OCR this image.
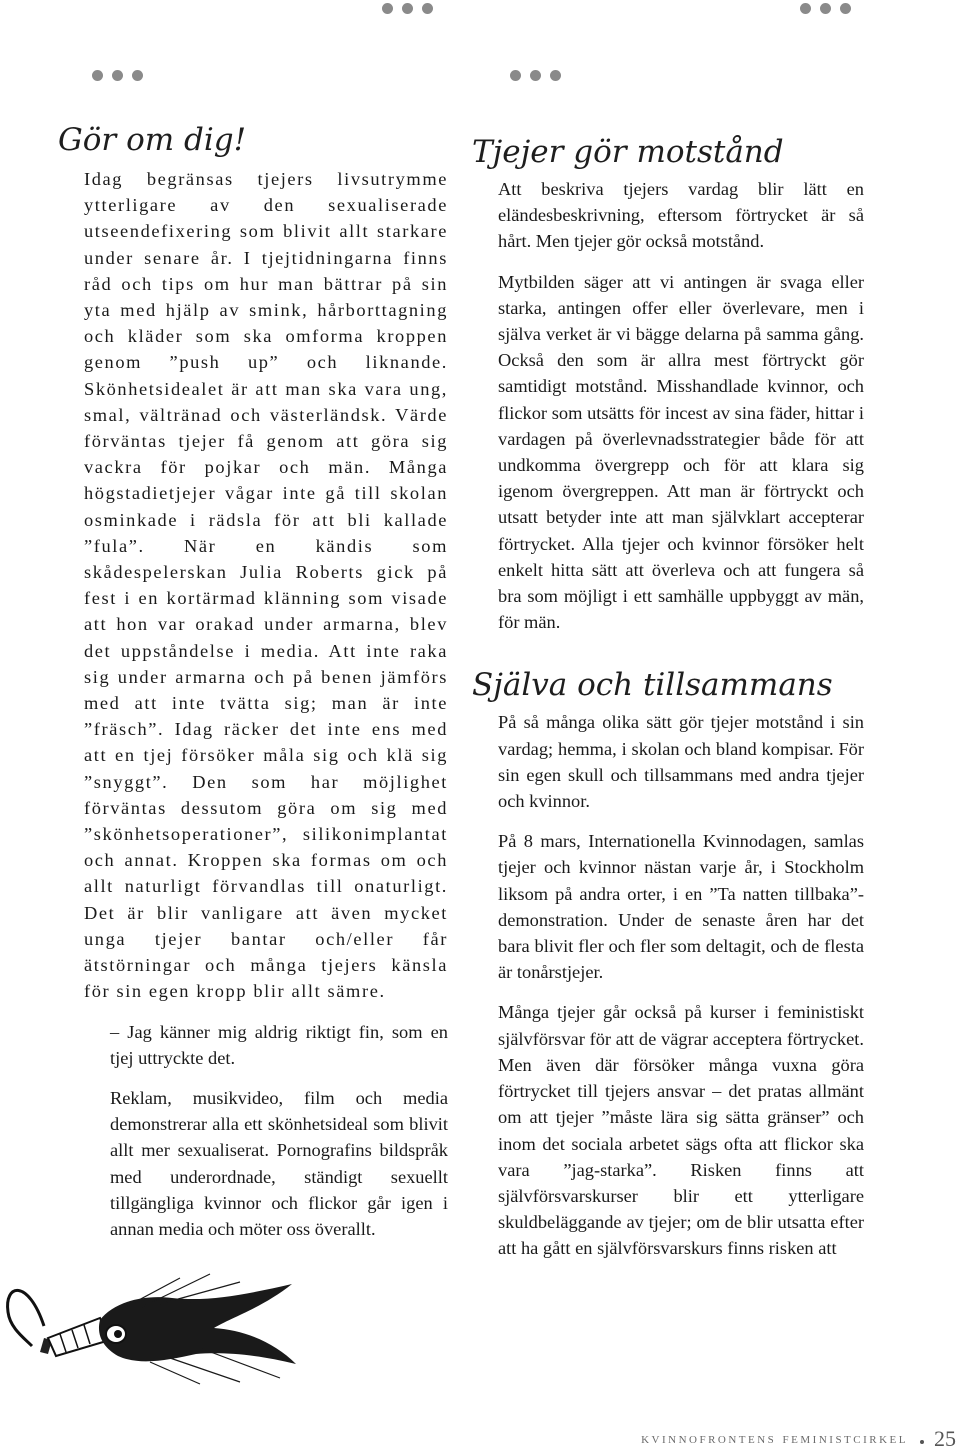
Gör om dig!

Idag begränsas tjejers livsutrymme ytterligare av den sexualiserade utseendefixering som blivit allt starkare under senare år. I tjejtidningarna finns råd och tips om hur man bättrar på sin yta med hjälp av smink, hårborttagning och kläder som ska omforma kroppen genom ”push up” och liknande. Skönhetsidealet är att man ska vara ung, smal, vältränad och västerländsk. Värde förväntas tjejer få genom att göra sig vackra för pojkar och män. Många högstadietjejer vågar inte gå till skolan osminkade i rädsla för att bli kallade ”fula”. När en kändis som skådespelerskan Julia Roberts gick på fest i en kortärmad klänning som visade att hon var orakad under armarna, blev det uppståndelse i media. Att inte raka sig under armarna och på benen jämförs med att inte tvätta sig; man är inte ”fräsch”. Idag räcker det inte ens med att en tjej försöker måla sig och klä sig ”snyggt”. Den som har möjlighet förväntas dessutom göra om sig med ”skönhetsoperationer”, silikonimplantat och annat. Kroppen ska formas om och allt naturligt förvandlas till onaturligt. Det är blir vanligare att även mycket unga tjejer bantar och/eller får ätstörningar och många tjejers känsla för sin egen kropp blir allt sämre.

– Jag känner mig aldrig riktigt fin, som en tjej uttryckte det.

Reklam, musikvideo, film och media demonstrerar alla ett skönhetsideal som blivit allt mer sexualiserat. Pornografins bildspråk med underordnade, ständigt sexuellt tillgängliga kvinnor och flickor går igen i annan media och möter oss överallt.

Tjejer gör motstånd

Att beskriva tjejers vardag blir lätt en eländesbeskrivning, eftersom förtrycket är så hårt. Men tjejer gör också motstånd.

Mytbilden säger att vi antingen är svaga eller starka, antingen offer eller överlevare, men i själva verket är vi bägge delarna på samma gång. Också den som är allra mest förtryckt gör samtidigt motstånd. Misshandlade kvinnor, och flickor som utsätts för incest av sina fäder, hittar i vardagen på överlevnadsstrategier både för att undkomma övergrepp och för att klara sig igenom övergreppen. Att man är förtryckt och utsatt betyder inte att man självklart accepterar förtrycket. Alla tjejer och kvinnor försöker helt enkelt hitta sätt att överleva och att fungera så bra som möjligt i ett samhälle uppbyggt av män, för män.

Själva och tillsammans

På så många olika sätt gör tjejer motstånd i sin vardag; hemma, i skolan och bland kompisar. För sin egen skull och tillsammans med andra tjejer och kvinnor.

På 8 mars, Internationella Kvinnodagen, samlas tjejer och kvinnor nästan varje år, i Stockholm liksom på andra orter, i en ”Ta natten tillbaka”-demonstration. Under de senaste åren har det bara blivit fler och fler som deltagit, och de flesta är tonårstjejer.

Många tjejer går också på kurser i feministiskt självförsvar för att de vägrar acceptera förtrycket. Men även där försöker många vuxna göra förtrycket till tjejers ansvar – det pratas allmänt om att tjejer ”måste lära sig sätta gränser” och inom det sociala arbetet sägs ofta att flickor ska vara ”jag-starka”. Risken finns att självförsvarskurser blir ett ytterligare skuldbeläggande av tjejer; om de blir utsatta efter att ha gått en självförsvarskurs finns risken att

kvinnofrontens feministcirkel 25
